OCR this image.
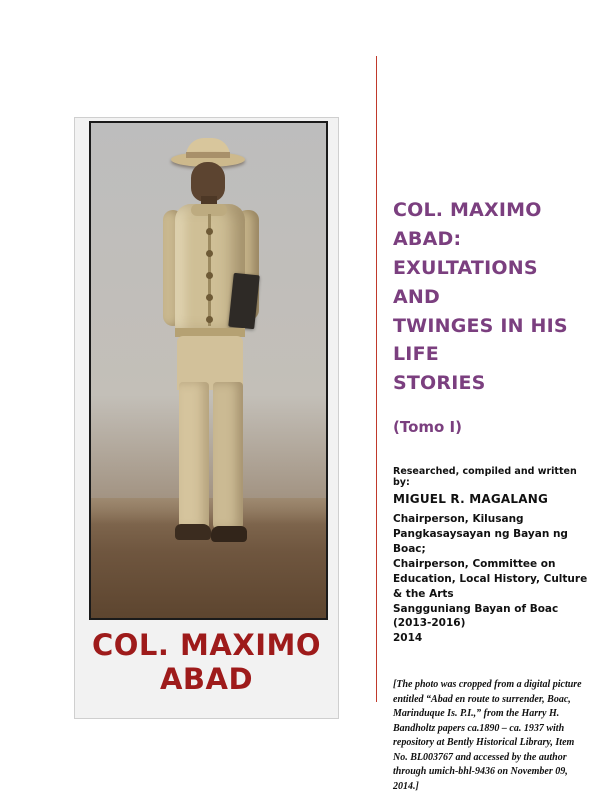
COL. MAXIMO ABAD
COL. MAXIMO ABAD:
EXULTATIONS AND
TWINGES IN HIS LIFE
STORIES
(Tomo I)
Researched, compiled and written by:
MIGUEL R. MAGALANG
Chairperson, Kilusang Pangkasaysayan ng Bayan ng Boac;
Chairperson, Committee on Education, Local History, Culture & the Arts
Sangguniang Bayan of Boac (2013-2016)
2014
[The photo was cropped from a digital picture entitled “Abad en route to surrender, Boac, Marinduque Is. P.I.,” from the Harry H. Bandholtz papers ca.1890 – ca. 1937 with repository at Bently Historical Library, Item No. BL003767 and accessed by the author through umich-bhl-9436 on November 09, 2014.]
